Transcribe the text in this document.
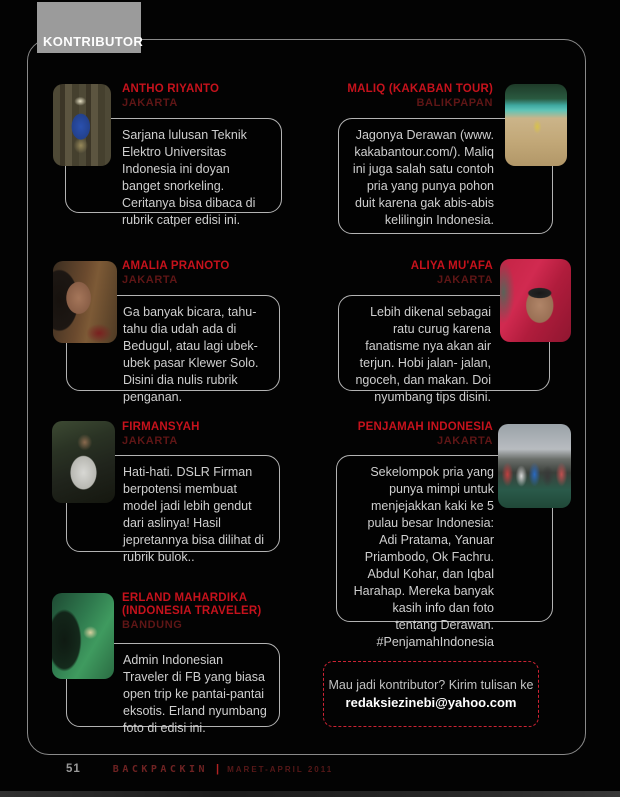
KONTRIBUTOR
ANTHO RIYANTO
JAKARTA
Sarjana lulusan Teknik Elektro Universitas Indonesia ini doyan banget snorkeling. Ceritanya bisa dibaca di rubrik catper edisi ini.
AMALIA PRANOTO
JAKARTA
Ga banyak bicara, tahu-tahu dia udah ada di Bedugul, atau lagi ubek-ubek pasar Klewer Solo. Disini dia nulis rubrik penganan.
FIRMANSYAH
JAKARTA
Hati-hati. DSLR Firman berpotensi membuat model jadi lebih gendut dari aslinya! Hasil jepretannya bisa dilihat di rubrik bulok..
ERLAND MAHARDIKA (INDONESIA TRAVELER)
BANDUNG
Admin Indonesian Traveler di FB yang biasa open trip ke pantai-pantai eksotis. Erland nyumbang foto di edisi ini.
MALIQ (KAKABAN TOUR)
BALIKPAPAN
Jagonya Derawan (www. kakabantour.com/). Maliq ini juga salah satu contoh pria yang punya pohon duit karena gak abis-abis kelilingin Indonesia.
ALIYA MU'AFA
JAKARTA
Lebih dikenal sebagai ratu curug karena fanatisme nya akan air terjun. Hobi jalan- jalan, ngoceh, dan makan. Doi nyumbang tips disini.
PENJAMAH INDONESIA
JAKARTA
Sekelompok pria yang punya mimpi untuk menjejakkan kaki ke 5 pulau besar Indonesia: Adi Pratama, Yanuar Priambodo, Ok Fachru. Abdul Kohar, dan Iqbal Harahap. Mereka banyak kasih info dan foto tentang Derawan. #PenjamahIndonesia
Mau jadi kontributor? Kirim tulisan ke
redaksiezinebi@yahoo.com
51	BACKPACKIN | MARET-APRIL 2011
